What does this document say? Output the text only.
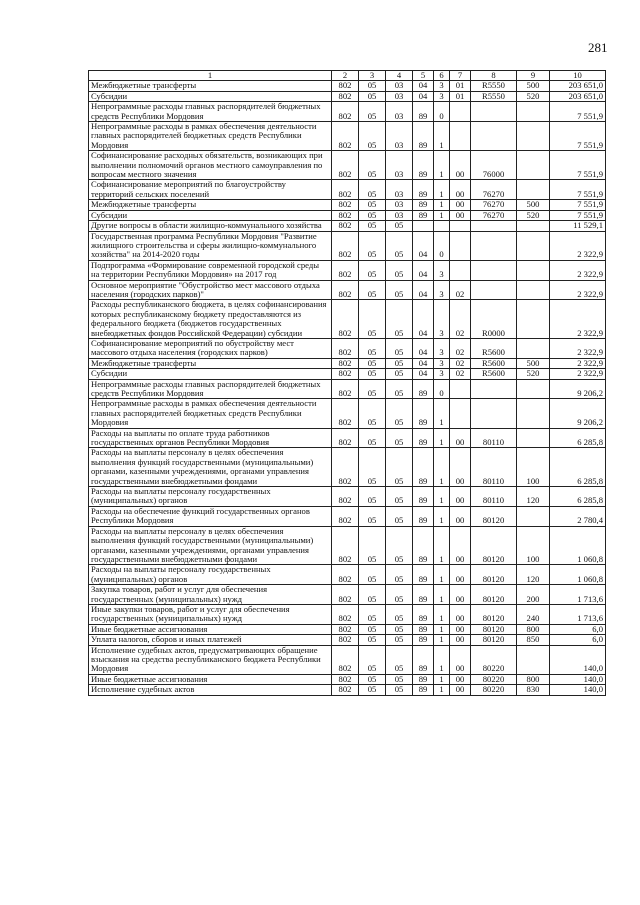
281
1	2	3	4	5	6	7	8	9	10
Межбюджетные трансферты	802	05	03	04	3	01	R5550	500	203 651,0
Субсидии	802	05	03	04	3	01	R5550	520	203 651,0
Непрограммные расходы главных распорядителей бюджетных средств Республики Мордовия	802	05	03	89	0				7 551,9
Непрограммные расходы в рамках обеспечения деятельности главных распорядителей бюджетных средств Республики Мордовия	802	05	03	89	1				7 551,9
Софинансирование расходных обязательств, возникающих при выполнении полномочий органов местного самоуправления по вопросам местного значения	802	05	03	89	1	00	76000		7 551,9
Софинансирование мероприятий по благоустройству территорий сельских поселений	802	05	03	89	1	00	76270		7 551,9
Межбюджетные трансферты	802	05	03	89	1	00	76270	500	7 551,9
Субсидии	802	05	03	89	1	00	76270	520	7 551,9
Другие вопросы в области жилищно-коммунального хозяйства	802	05	05						11 529,1
Государственная программа Республики Мордовия "Развитие жилищного строительства и сферы жилищно-коммунального хозяйства" на 2014-2020 годы	802	05	05	04	0				2 322,9
Подпрограмма «Формирование современной городской среды на территории Республики Мордовия» на 2017 год	802	05	05	04	3				2 322,9
Основное мероприятие "Обустройство мест массового отдыха населения (городских парков)"	802	05	05	04	3	02			2 322,9
Расходы республиканского бюджета, в целях софинансирования которых республиканскому бюджету предоставляются из федерального бюджета (бюджетов государственных внебюджетных фондов Российской Федерации) субсидии	802	05	05	04	3	02	R0000		2 322,9
Софинансирование мероприятий по обустройству мест массового отдыха населения (городских парков)	802	05	05	04	3	02	R5600		2 322,9
Межбюджетные трансферты	802	05	05	04	3	02	R5600	500	2 322,9
Субсидии	802	05	05	04	3	02	R5600	520	2 322,9
Непрограммные расходы главных распорядителей бюджетных средств Республики Мордовия	802	05	05	89	0				9 206,2
Непрограммные расходы в рамках обеспечения деятельности главных распорядителей бюджетных средств Республики Мордовия	802	05	05	89	1				9 206,2
Расходы на выплаты по оплате труда работников государственных органов Республики Мордовия	802	05	05	89	1	00	80110		6 285,8
Расходы на выплаты персоналу в целях обеспечения выполнения функций государственными (муниципальными) органами, казенными учреждениями, органами управления государственными внебюджетными фондами	802	05	05	89	1	00	80110	100	6 285,8
Расходы на выплаты персоналу государственных (муниципальных) органов	802	05	05	89	1	00	80110	120	6 285,8
Расходы на обеспечение функций государственных органов Республики Мордовия	802	05	05	89	1	00	80120		2 780,4
Расходы на выплаты персоналу в целях обеспечения выполнения функций государственными (муниципальными) органами, казенными учреждениями, органами управления государственными внебюджетными фондами	802	05	05	89	1	00	80120	100	1 060,8
Расходы на выплаты персоналу государственных (муниципальных) органов	802	05	05	89	1	00	80120	120	1 060,8
Закупка товаров, работ и услуг для обеспечения государственных (муниципальных) нужд	802	05	05	89	1	00	80120	200	1 713,6
Иные закупки товаров, работ и услуг для обеспечения государственных (муниципальных) нужд	802	05	05	89	1	00	80120	240	1 713,6
Иные бюджетные ассигнования	802	05	05	89	1	00	80120	800	6,0
Уплата налогов, сборов и иных платежей	802	05	05	89	1	00	80120	850	6,0
Исполнение судебных актов, предусматривающих обращение взыскания на средства республиканского бюджета Республики Мордовия	802	05	05	89	1	00	80220		140,0
Иные бюджетные ассигнования	802	05	05	89	1	00	80220	800	140,0
Исполнение судебных актов	802	05	05	89	1	00	80220	830	140,0
